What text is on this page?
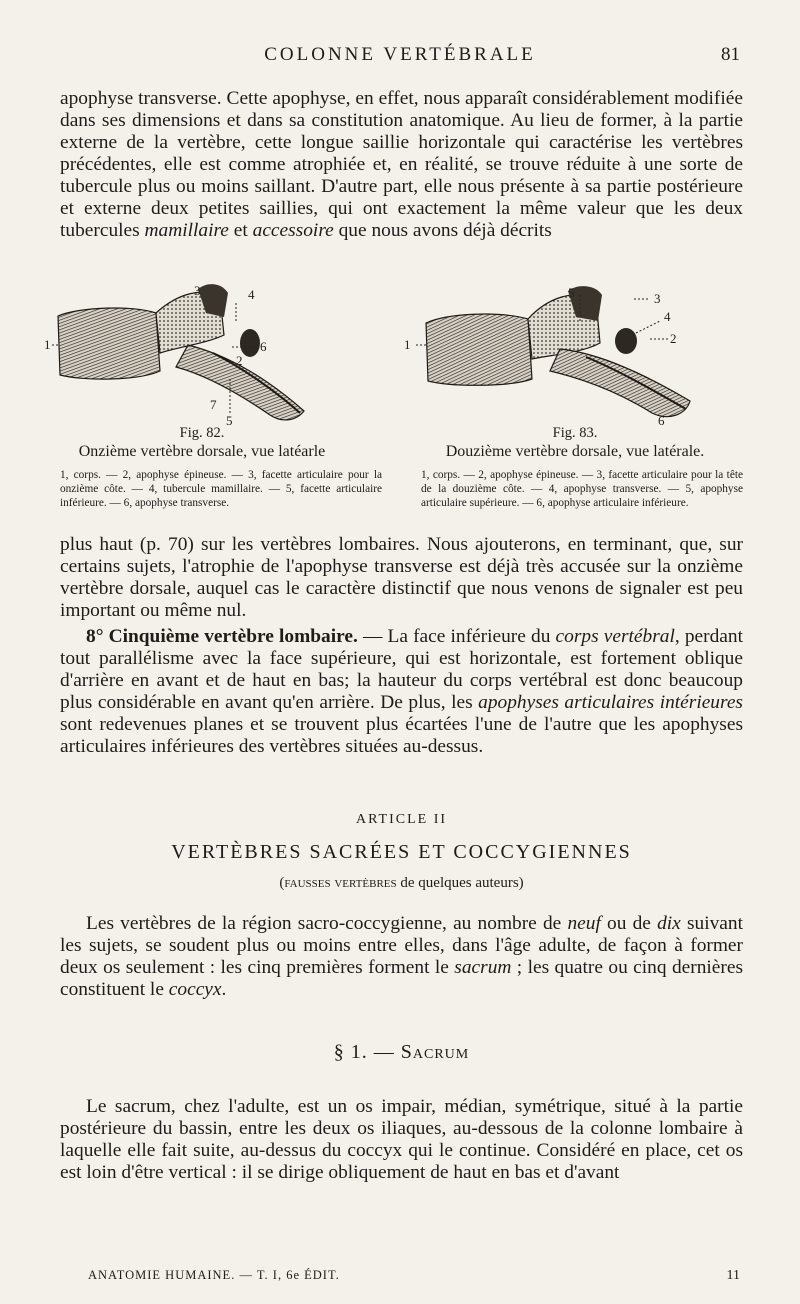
COLONNE VERTÉBRALE	81

apophyse transverse. Cette apophyse, en effet, nous apparaît considérablement modifiée dans ses dimensions et dans sa constitution anatomique. Au lieu de former, à la partie externe de la vertèbre, cette longue saillie horizontale qui caractérise les vertèbres précédentes, elle est comme atrophiée et, en réalité, se trouve réduite à une sorte de tubercule plus ou moins saillant. D'autre part, elle nous présente à sa partie postérieure et externe deux petites saillies, qui ont exactement la même valeur que les deux tubercules mamillaire et accessoire que nous avons déjà décrits

1
3	4
6
2
7
5
Fig. 82.
Onzième vertèbre dorsale, vue latéarle

1, corps. — 2, apophyse épineuse. — 3, facette articulaire pour la onzième côte. — 4, tubercule mamillaire. — 5, facette articulaire inférieure. — 6, apophyse transverse.

1
5	3
4
2
6
Fig. 83.
Douzième vertèbre dorsale, vue latérale.

1, corps. — 2, apophyse épineuse. — 3, facette articulaire pour la tête de la douzième côte. — 4, apophyse transverse. — 5, apophyse articulaire supérieure. — 6, apophyse articulaire inférieure.

plus haut (p. 70) sur les vertèbres lombaires. Nous ajouterons, en terminant, que, sur certains sujets, l'atrophie de l'apophyse transverse est déjà très accusée sur la onzième vertèbre dorsale, auquel cas le caractère distinctif que nous venons de signaler est peu important ou même nul.

8° Cinquième vertèbre lombaire. — La face inférieure du corps vertébral, perdant tout parallélisme avec la face supérieure, qui est horizontale, est fortement oblique d'arrière en avant et de haut en bas; la hauteur du corps vertébral est donc beaucoup plus considérable en avant qu'en arrière. De plus, les apophyses articulaires intérieures sont redevenues planes et se trouvent plus écartées l'une de l'autre que les apophyses articulaires inférieures des vertèbres situées au-dessus.

ARTICLE II

VERTÈBRES SACRÉES ET COCCYGIENNES

(fausses vertèbres de quelques auteurs)

Les vertèbres de la région sacro-coccygienne, au nombre de neuf ou de dix suivant les sujets, se soudent plus ou moins entre elles, dans l'âge adulte, de façon à former deux os seulement : les cinq premières forment le sacrum ; les quatre ou cinq dernières constituent le coccyx.

§ 1. — Sacrum

Le sacrum, chez l'adulte, est un os impair, médian, symétrique, situé à la partie postérieure du bassin, entre les deux os iliaques, au-dessous de la colonne lombaire à laquelle elle fait suite, au-dessus du coccyx qui le continue. Considéré en place, cet os est loin d'être vertical : il se dirige obliquement de haut en bas et d'avant

ANATOMIE HUMAINE. — T. I, 6e ÉDIT.	11
